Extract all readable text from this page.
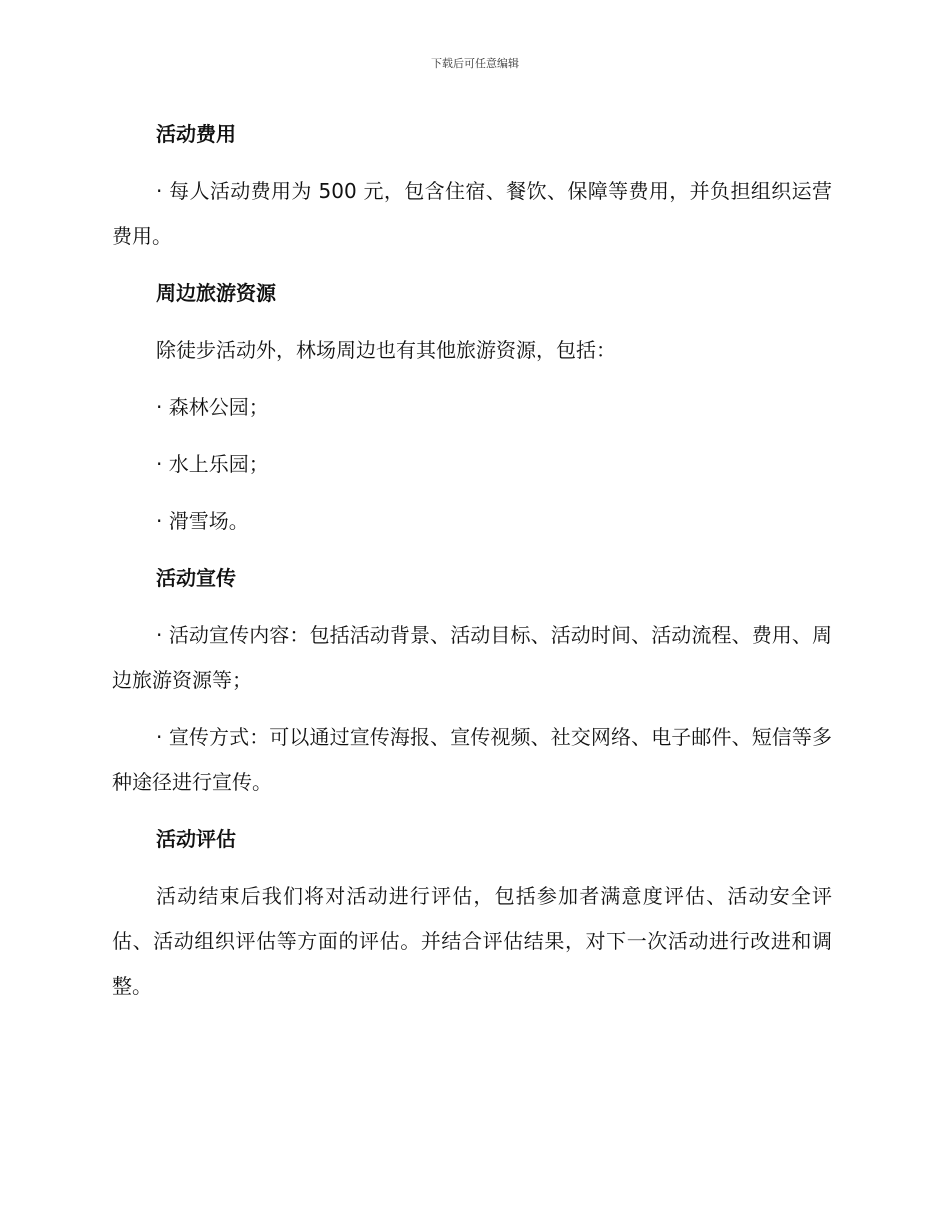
下载后可任意编辑
活动费用
· 每人活动费用为 500 元，包含住宿、餐饮、保障等费用，并负担组织运营费用。
周边旅游资源
除徒步活动外，林场周边也有其他旅游资源，包括：
· 森林公园；
· 水上乐园；
· 滑雪场。
活动宣传
· 活动宣传内容：包括活动背景、活动目标、活动时间、活动流程、费用、周边旅游资源等；
· 宣传方式：可以通过宣传海报、宣传视频、社交网络、电子邮件、短信等多种途径进行宣传。
活动评估
活动结束后我们将对活动进行评估，包括参加者满意度评估、活动安全评估、活动组织评估等方面的评估。并结合评估结果，对下一次活动进行改进和调整。
